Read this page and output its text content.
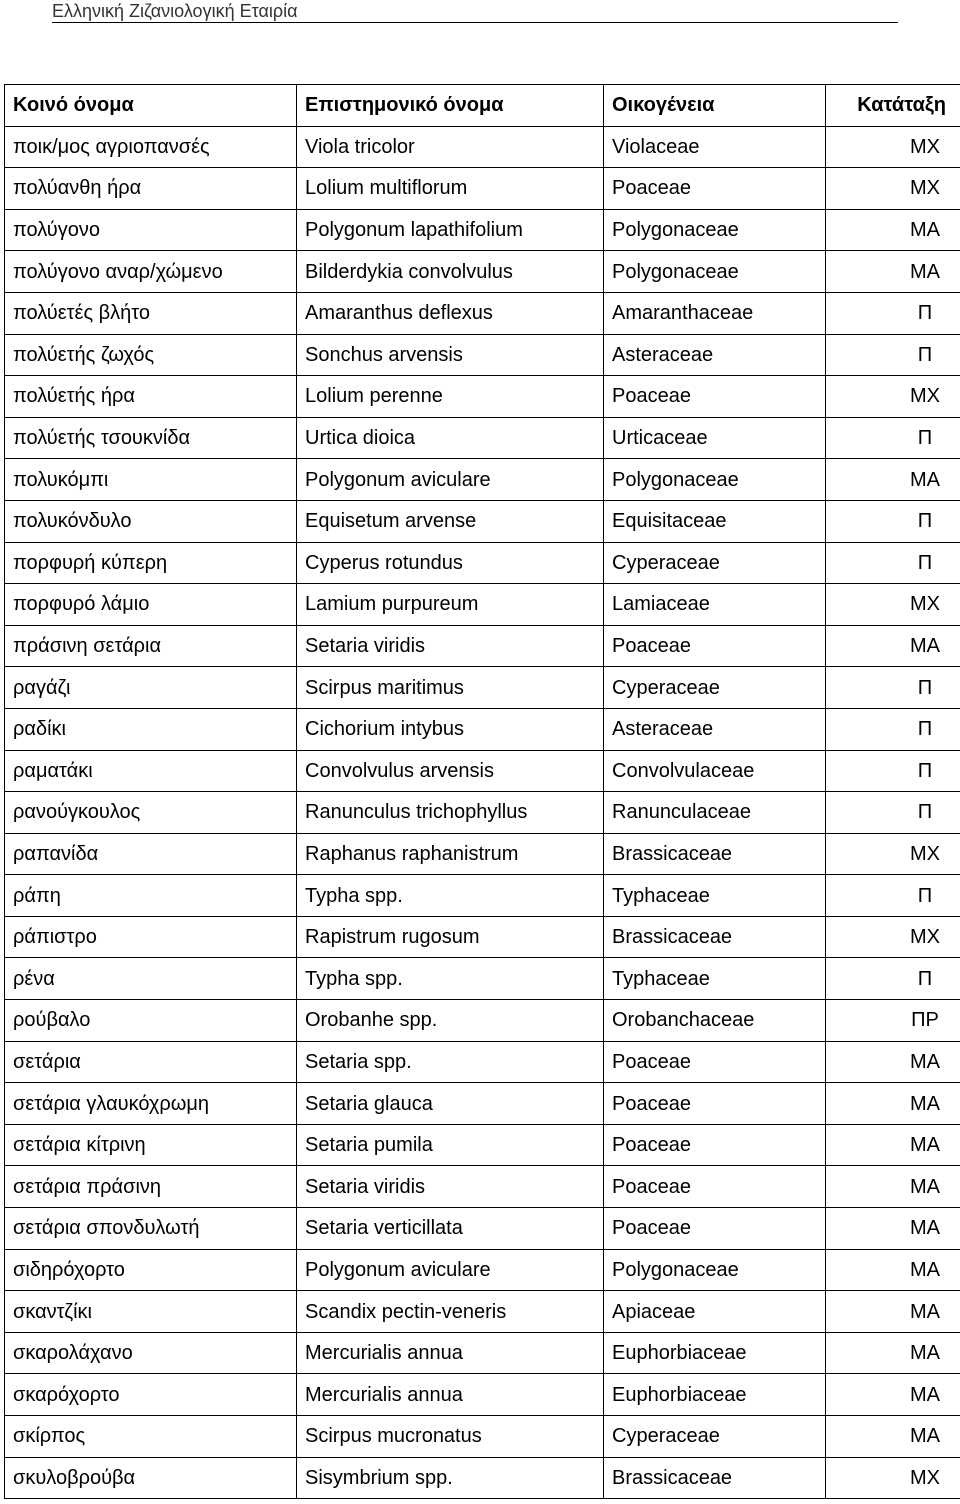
Ελληνική Ζιζανιολογική Εταιρία
Κοινό όνομα	Επιστημονικό όνομα	Οικογένεια	Κατάταξη
ποικ/μος αγριοπανσές	Viola tricolor	Violaceae	ΜΧ
πολύανθη ήρα	Lolium multiflorum	Poaceae	ΜΧ
πολύγονο	Polygonum lapathifolium	Polygonaceae	ΜΑ
πολύγονο αναρ/χώμενο	Bilderdykia convolvulus	Polygonaceae	ΜΑ
πολύετές βλήτο	Amaranthus deflexus	Amaranthaceae	Π
πολύετής ζωχός	Sonchus arvensis	Asteraceae	Π
πολύετής ήρα	Lolium perenne	Poaceae	ΜΧ
πολύετής τσουκνίδα	Urtica dioica	Urticaceae	Π
πολυκόμπι	Polygonum aviculare	Polygonaceae	ΜΑ
πολυκόνδυλο	Equisetum arvense	Equisitaceae	Π
πορφυρή κύπερη	Cyperus rotundus	Cyperaceae	Π
πορφυρό λάμιο	Lamium purpureum	Lamiaceae	ΜΧ
πράσινη σετάρια	Setaria viridis	Poaceae	ΜΑ
ραγάζι	Scirpus maritimus	Cyperaceae	Π
ραδίκι	Cichorium intybus	Asteraceae	Π
ραματάκι	Convolvulus arvensis	Convolvulaceae	Π
ρανούγκουλος	Ranunculus trichophyllus	Ranunculaceae	Π
ραπανίδα	Raphanus raphanistrum	Brassicaceae	ΜΧ
ράπη	Typha spp.	Typhaceae	Π
ράπιστρο	Rapistrum rugosum	Brassicaceae	ΜΧ
ρένα	Typha spp.	Typhaceae	Π
ρούβαλο	Orobanhe spp.	Orobanchaceae	ΠΡ
σετάρια	Setaria spp.	Poaceae	ΜΑ
σετάρια γλαυκόχρωμη	Setaria glauca	Poaceae	ΜΑ
σετάρια κίτρινη	Setaria pumila	Poaceae	ΜΑ
σετάρια πράσινη	Setaria viridis	Poaceae	ΜΑ
σετάρια σπονδυλωτή	Setaria verticillata	Poaceae	ΜΑ
σιδηρόχορτο	Polygonum aviculare	Polygonaceae	ΜΑ
σκαντζίκι	Scandix pectin-veneris	Apiaceae	ΜΑ
σκαρολάχανο	Mercurialis annua	Euphorbiaceae	ΜΑ
σκαρόχορτο	Mercurialis annua	Euphorbiaceae	ΜΑ
σκίρπος	Scirpus mucronatus	Cyperaceae	ΜΑ
σκυλοβρούβα	Sisymbrium spp.	Brassicaceae	ΜΧ
